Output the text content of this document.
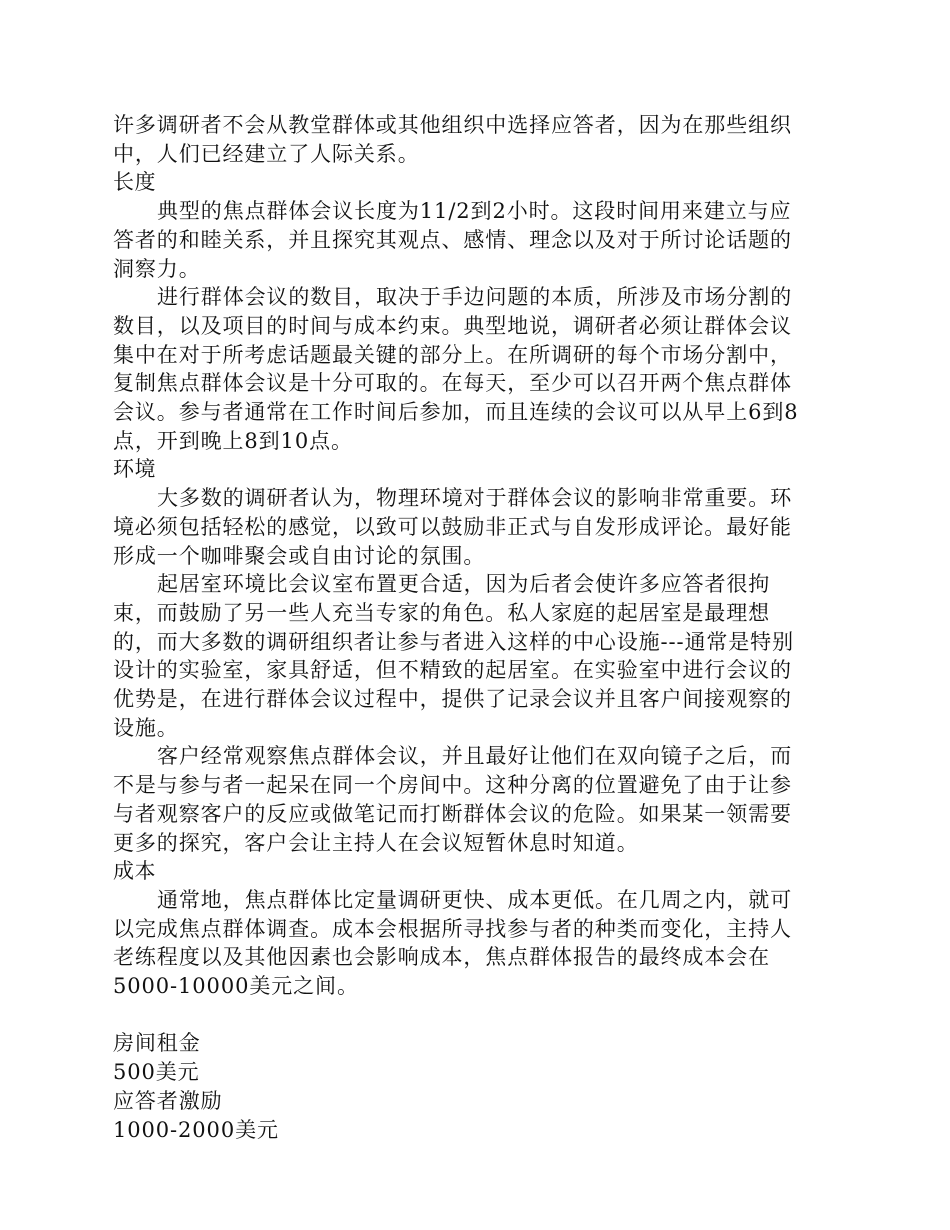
许多调研者不会从教堂群体或其他组织中选择应答者，因为在那些组织
中，人们已经建立了人际关系。
长度
典型的焦点群体会议长度为11/2到2小时。这段时间用来建立与应
答者的和睦关系，并且探究其观点、感情、理念以及对于所讨论话题的
洞察力。
进行群体会议的数目，取决于手边问题的本质，所涉及市场分割的
数目，以及项目的时间与成本约束。典型地说，调研者必须让群体会议
集中在对于所考虑话题最关键的部分上。在所调研的每个市场分割中，
复制焦点群体会议是十分可取的。在每天，至少可以召开两个焦点群体
会议。参与者通常在工作时间后参加，而且连续的会议可以从早上6到8
点，开到晚上8到10点。
环境
大多数的调研者认为，物理环境对于群体会议的影响非常重要。环
境必须包括轻松的感觉，以致可以鼓励非正式与自发形成评论。最好能
形成一个咖啡聚会或自由讨论的氛围。
起居室环境比会议室布置更合适，因为后者会使许多应答者很拘
束，而鼓励了另一些人充当专家的角色。私人家庭的起居室是最理想
的，而大多数的调研组织者让参与者进入这样的中心设施---通常是特别
设计的实验室，家具舒适，但不精致的起居室。在实验室中进行会议的
优势是，在进行群体会议过程中，提供了记录会议并且客户间接观察的
设施。
客户经常观察焦点群体会议，并且最好让他们在双向镜子之后，而
不是与参与者一起呆在同一个房间中。这种分离的位置避免了由于让参
与者观察客户的反应或做笔记而打断群体会议的危险。如果某一领需要
更多的探究，客户会让主持人在会议短暂休息时知道。
成本
通常地，焦点群体比定量调研更快、成本更低。在几周之内，就可
以完成焦点群体调查。成本会根据所寻找参与者的种类而变化，主持人
老练程度以及其他因素也会影响成本，焦点群体报告的最终成本会在
5000-10000美元之间。
房间租金
500美元
应答者激励
1000-2000美元
